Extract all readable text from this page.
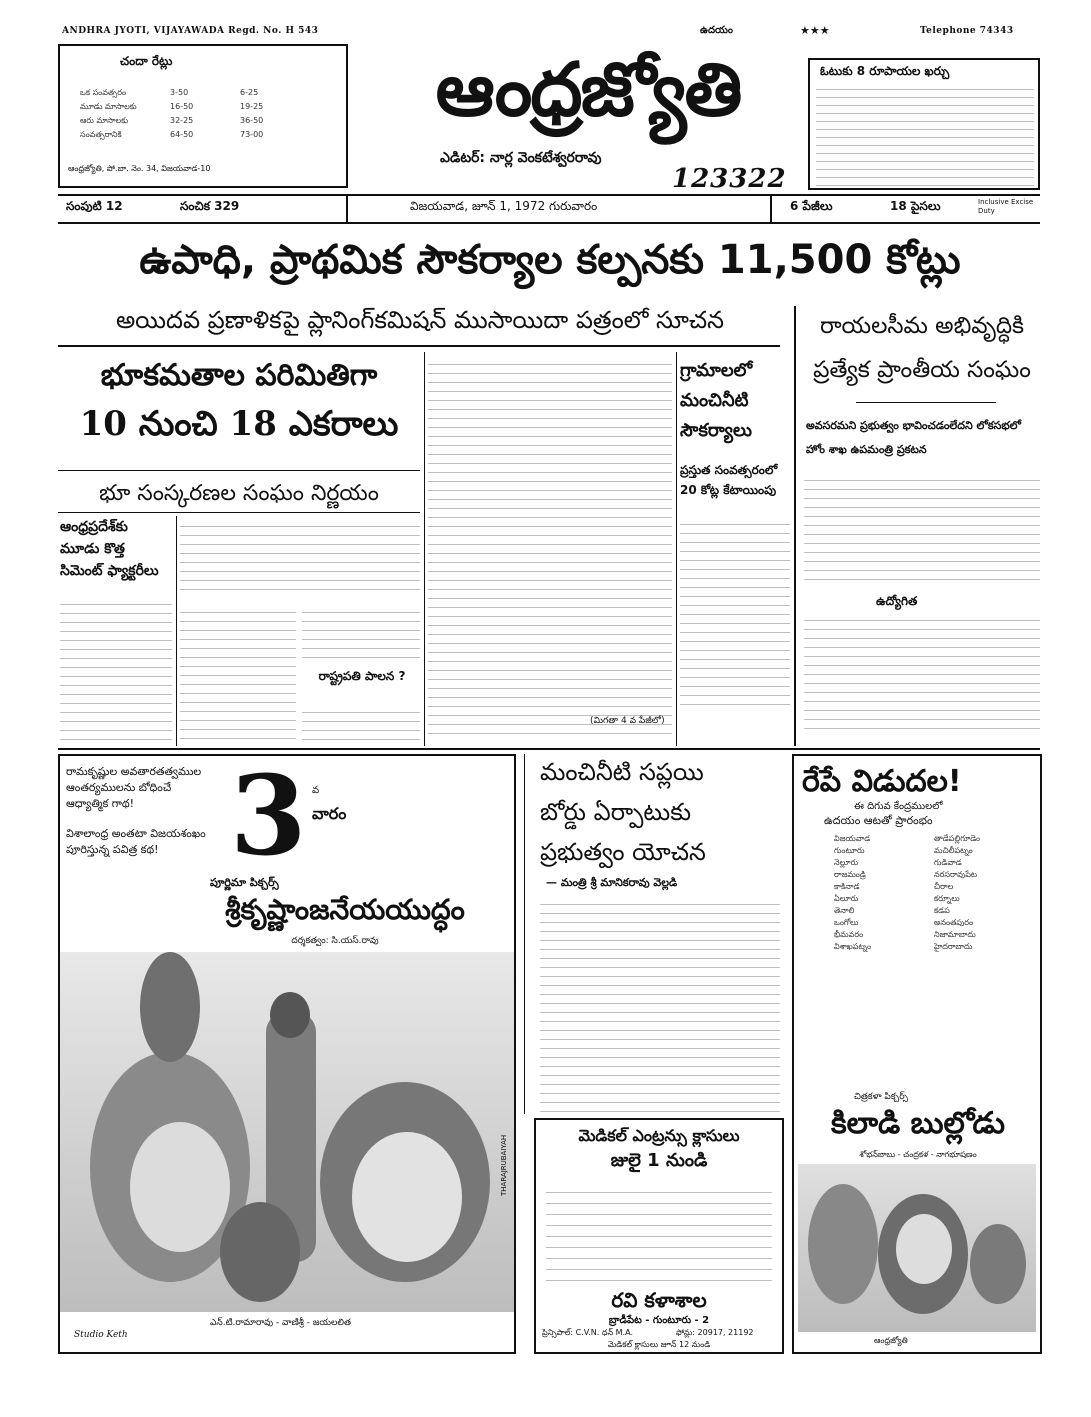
ANDHRA JYOTI, VIJAYAWADA Regd. No. H 543	ఉదయం	★★★	Telephone 74343
చందా రేట్లు
ఒక సంవత్సరం	3-50	6-25
మూడు మాసాలకు	16-50	19-25
ఆరు మాసాలకు	32-25	36-50
సంవత్సరానికి	64-50	73-00
ఆంధ్రజ్యోతి, పో.బా. నెం. 34, విజయవాడ-10
ఆంధ్రజ్యోతి
ఎడిటర్: నార్ల వెంకటేశ్వరరావు
123322
ఓటుకు 8 రూపాయల ఖర్చు
సంపుటి 12	సంచిక 329	విజయవాడ, జూన్ 1, 1972 గురువారం	6 పేజీలు	18 పైసలు	Inclusive Excise Duty
ఉపాధి, ప్రాథమిక సౌకర్యాల కల్పనకు 11,500 కోట్లు
అయిదవ ప్రణాళికపై ప్లానింగ్‌కమిషన్ ముసాయిదా పత్రంలో సూచన
భూకమతాల పరిమితిగా
10 నుంచి 18 ఎకరాలు
భూ సంస్కరణల సంఘం నిర్ణయం
ఆంధ్రప్రదేశ్‌కు మూడు కొత్త సిమెంట్ ఫ్యాక్టరీలు
రాష్ట్రపతి పాలన ?
గ్రామాలలో మంచినీటి సౌకర్యాలు
ప్రస్తుత సంవత్సరంలో 20 కోట్ల కేటాయింపు
(మిగతా 4 వ పేజీలో)
రాయలసీమ అభివృద్ధికి
ప్రత్యేక ప్రాంతీయ సంఘం
అవసరమని ప్రభుత్వం భావించడంలేదని లోకసభలో హోం శాఖ ఉపమంత్రి ప్రకటన
ఉద్యోగిత
రామకృష్ణుల అవతారతత్వముల ఆంతర్యములను బోధించే ఆధ్యాత్మిక గాథ!
విశాలాంధ్ర అంతటా విజయశంఖం పూరిస్తున్న పవిత్ర కథ! 3 వ
వారం
పూర్ణిమా పిక్చర్స్
శ్రీకృష్ణాంజనేయయుద్ధం
దర్శకత్వం: సి.యస్.రావు
ఎన్.టి.రామారావు - వాణిశ్రీ - జయలలిత
Studio Keth
THARAJRUBAIYAH
మంచినీటి సప్లయి
బోర్డు ఏర్పాటుకు
ప్రభుత్వం యోచన
— మంత్రి శ్రీ మానికరావు వెల్లడి
మెడికల్ ఎంట్రన్సు క్లాసులు
జులై 1 నుండి
రవి కళాశాల
బ్రాడీపేట - గుంటూరు - 2
ప్రిన్సిపాల్: C.V.N. ధన్ M.A.	ఫోన్లు: 20917, 21192
మెడికల్ క్లాసులు జూన్ 12 నుండి
రేపే విడుదల!
ఈ దిగువ కేంద్రములలో
ఉదయం ఆటతో ప్రారంభం
విజయవాడ
గుంటూరు
నెల్లూరు
రాజమండ్రి
కాకినాడ
ఏలూరు
తెనాలి
ఒంగోలు
భీమవరం
విశాఖపట్నం
తాడేపల్లిగూడెం
మచిలీపట్నం
గుడివాడ
నరసరావుపేట
చీరాల
కర్నూలు
కడప
అనంతపురం
నిజామాబాదు
హైదరాబాదు
చిత్రకళా పిక్చర్స్
కిలాడి బుల్లోడు
శోభన్‌బాబు - చంద్రకళ - నాగభూషణం
ఆంధ్రజ్యోతి
